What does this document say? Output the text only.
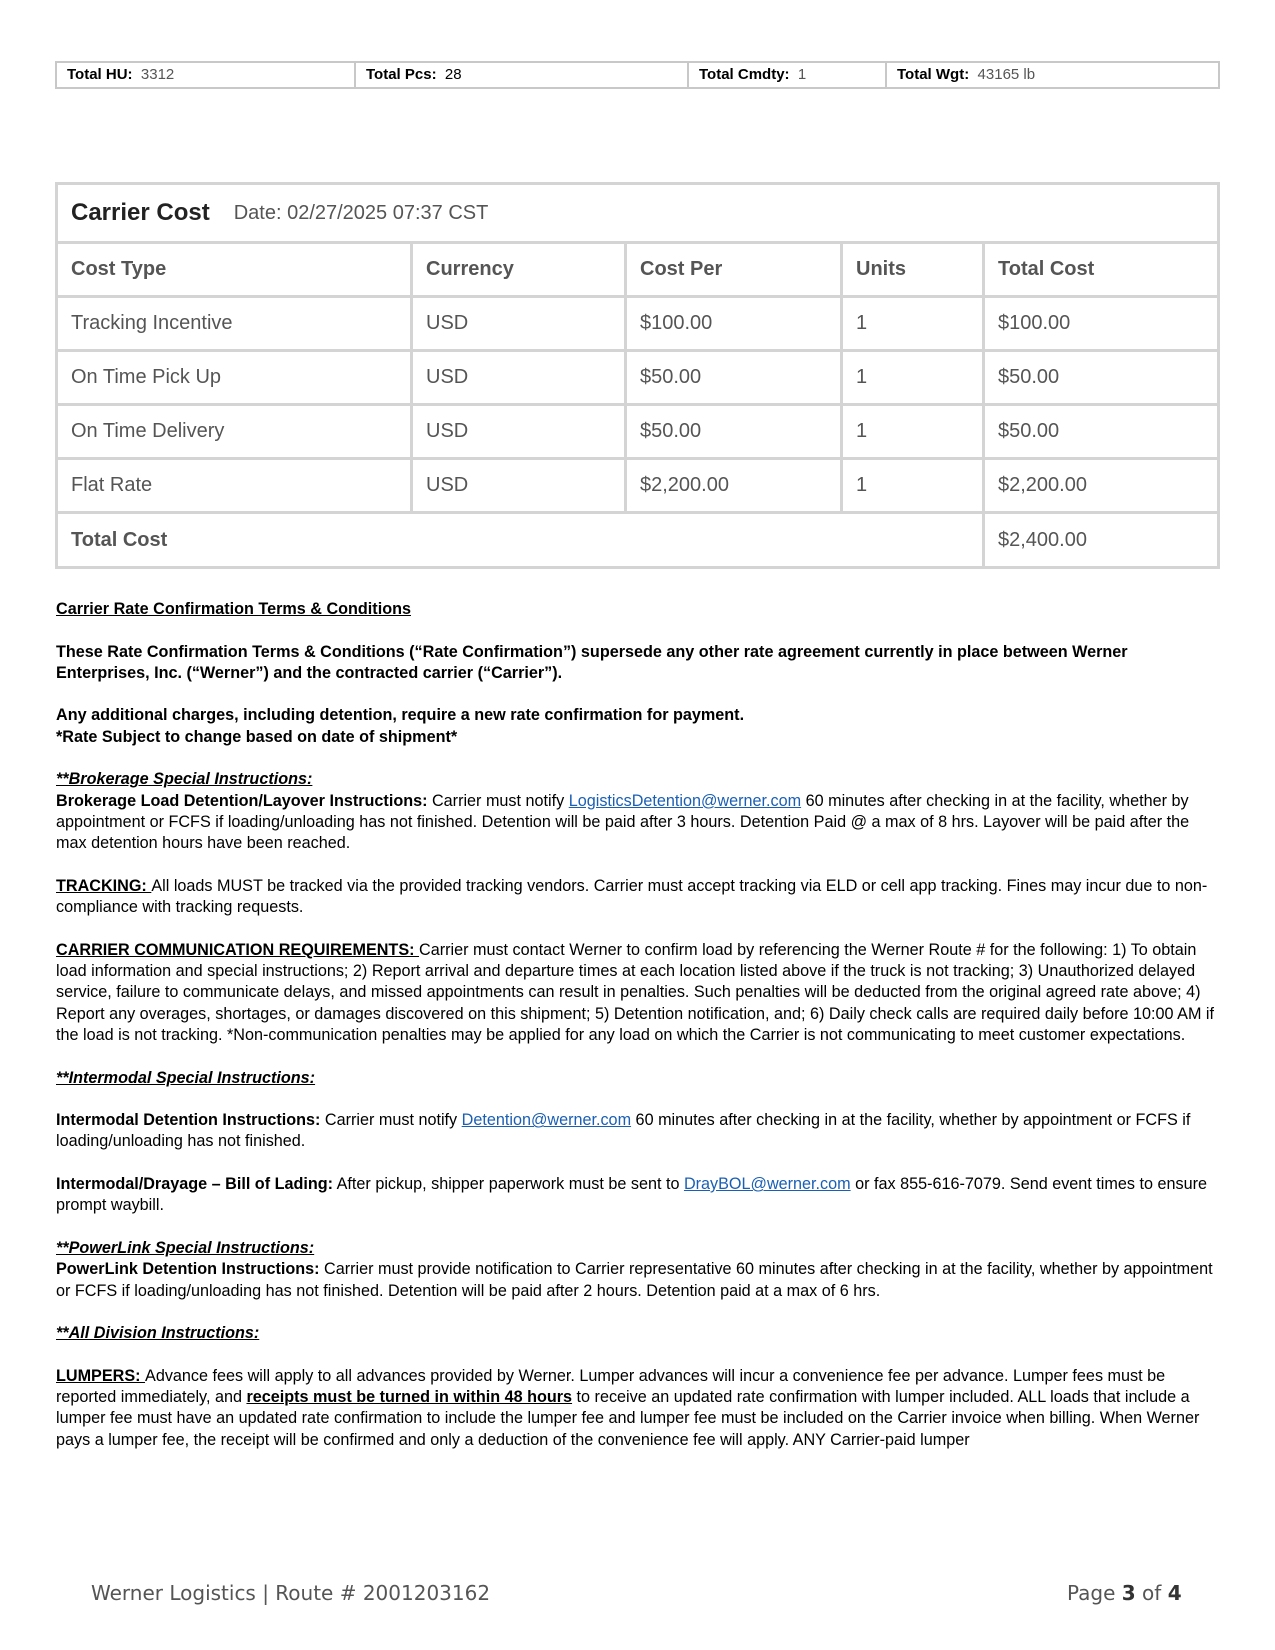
Total HU: 3312	Total Pcs: 28	Total Cmdty: 1	Total Wgt: 43165 lb
Carrier Cost Date: 02/27/2025 07:37 CST
Cost Type	Currency	Cost Per	Units	Total Cost
Tracking Incentive	USD	$100.00	1	$100.00
On Time Pick Up	USD	$50.00	1	$50.00
On Time Delivery	USD	$50.00	1	$50.00
Flat Rate	USD	$2,200.00	1	$2,200.00
Total Cost	$2,400.00

Carrier Rate Confirmation Terms & Conditions

These Rate Confirmation Terms & Conditions (“Rate Confirmation”) supersede any other rate agreement currently in place between Werner Enterprises, Inc. (“Werner”) and the contracted carrier (“Carrier”).

Any additional charges, including detention, require a new rate confirmation for payment.

*Rate Subject to change based on date of shipment*

**Brokerage Special Instructions:

Brokerage Load Detention/Layover Instructions: Carrier must notify LogisticsDetention@werner.com 60 minutes after checking in at the facility, whether by appointment or FCFS if loading/unloading has not finished. Detention will be paid after 3 hours. Detention Paid @ a max of 8 hrs. Layover will be paid after the max detention hours have been reached.

TRACKING: All loads MUST be tracked via the provided tracking vendors. Carrier must accept tracking via ELD or cell app tracking. Fines may incur due to non-compliance with tracking requests.

CARRIER COMMUNICATION REQUIREMENTS: Carrier must contact Werner to confirm load by referencing the Werner Route # for the following: 1) To obtain load information and special instructions; 2) Report arrival and departure times at each location listed above if the truck is not tracking; 3) Unauthorized delayed service, failure to communicate delays, and missed appointments can result in penalties. Such penalties will be deducted from the original agreed rate above; 4) Report any overages, shortages, or damages discovered on this shipment; 5) Detention notification, and; 6) Daily check calls are required daily before 10:00 AM if the load is not tracking. *Non-communication penalties may be applied for any load on which the Carrier is not communicating to meet customer expectations.

**Intermodal Special Instructions:

Intermodal Detention Instructions: Carrier must notify Detention@werner.com 60 minutes after checking in at the facility, whether by appointment or FCFS if loading/unloading has not finished.

Intermodal/Drayage – Bill of Lading: After pickup, shipper paperwork must be sent to DrayBOL@werner.com or fax 855-616-7079. Send event times to ensure prompt waybill.

**PowerLink Special Instructions:

PowerLink Detention Instructions: Carrier must provide notification to Carrier representative 60 minutes after checking in at the facility, whether by appointment or FCFS if loading/unloading has not finished. Detention will be paid after 2 hours. Detention paid at a max of 6 hrs.

**All Division Instructions:

LUMPERS: Advance fees will apply to all advances provided by Werner. Lumper advances will incur a convenience fee per advance. Lumper fees must be reported immediately, and receipts must be turned in within 48 hours to receive an updated rate confirmation with lumper included. ALL loads that include a lumper fee must have an updated rate confirmation to include the lumper fee and lumper fee must be included on the Carrier invoice when billing. When Werner pays a lumper fee, the receipt will be confirmed and only a deduction of the convenience fee will apply. ANY Carrier-paid lumper

Werner Logistics | Route # 2001203162	Page 3 of 4
